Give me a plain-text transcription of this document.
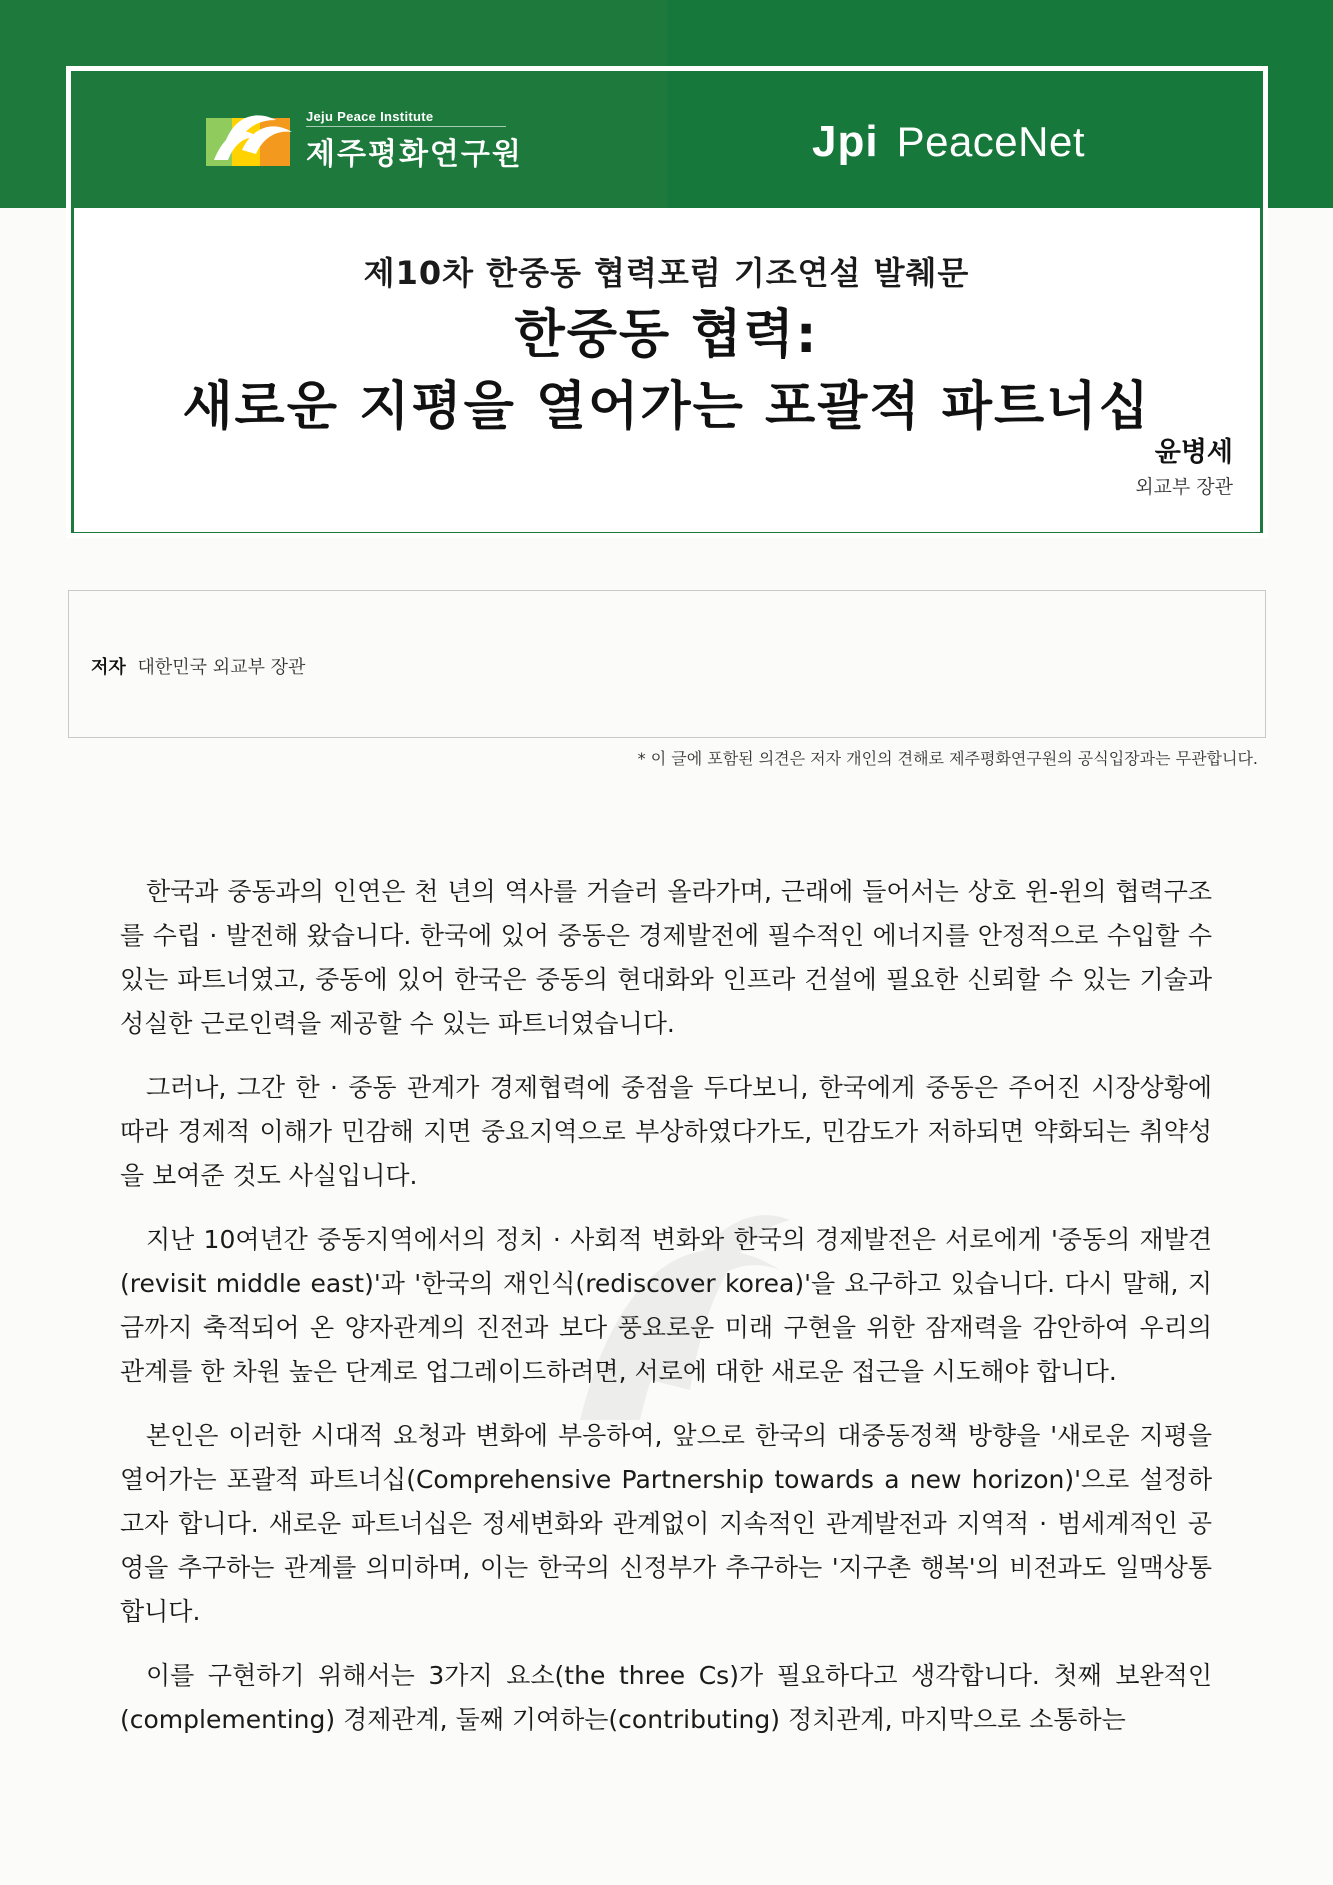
Jeju Peace Institute
제주평화연구원	Jpi PeaceNet
제10차 한중동 협력포럼 기조연설 발췌문
한중동 협력:
새로운 지평을 열어가는 포괄적 파트너십
윤병세
외교부 장관
저자 대한민국 외교부 장관
* 이 글에 포함된 의견은 저자 개인의 견해로 제주평화연구원의 공식입장과는 무관합니다.

한국과 중동과의 인연은 천 년의 역사를 거슬러 올라가며, 근래에 들어서는 상호 윈-윈의 협력구조를 수립 · 발전해 왔습니다. 한국에 있어 중동은 경제발전에 필수적인 에너지를 안정적으로 수입할 수 있는 파트너였고, 중동에 있어 한국은 중동의 현대화와 인프라 건설에 필요한 신뢰할 수 있는 기술과 성실한 근로인력을 제공할 수 있는 파트너였습니다.

그러나, 그간 한 · 중동 관계가 경제협력에 중점을 두다보니, 한국에게 중동은 주어진 시장상황에 따라 경제적 이해가 민감해 지면 중요지역으로 부상하였다가도, 민감도가 저하되면 약화되는 취약성을 보여준 것도 사실입니다.

지난 10여년간 중동지역에서의 정치 · 사회적 변화와 한국의 경제발전은 서로에게 '중동의 재발견(revisit middle east)'과 '한국의 재인식(rediscover korea)'을 요구하고 있습니다. 다시 말해, 지금까지 축적되어 온 양자관계의 진전과 보다 풍요로운 미래 구현을 위한 잠재력을 감안하여 우리의 관계를 한 차원 높은 단계로 업그레이드하려면, 서로에 대한 새로운 접근을 시도해야 합니다.

본인은 이러한 시대적 요청과 변화에 부응하여, 앞으로 한국의 대중동정책 방향을 '새로운 지평을 열어가는 포괄적 파트너십(Comprehensive Partnership towards a new horizon)'으로 설정하고자 합니다. 새로운 파트너십은 정세변화와 관계없이 지속적인 관계발전과 지역적 · 범세계적인 공영을 추구하는 관계를 의미하며, 이는 한국의 신정부가 추구하는 '지구촌 행복'의 비전과도 일맥상통합니다.

이를 구현하기 위해서는 3가지 요소(the three Cs)가 필요하다고 생각합니다. 첫째 보완적인(complementing) 경제관계, 둘째 기여하는(contributing) 정치관계, 마지막으로 소통하는
